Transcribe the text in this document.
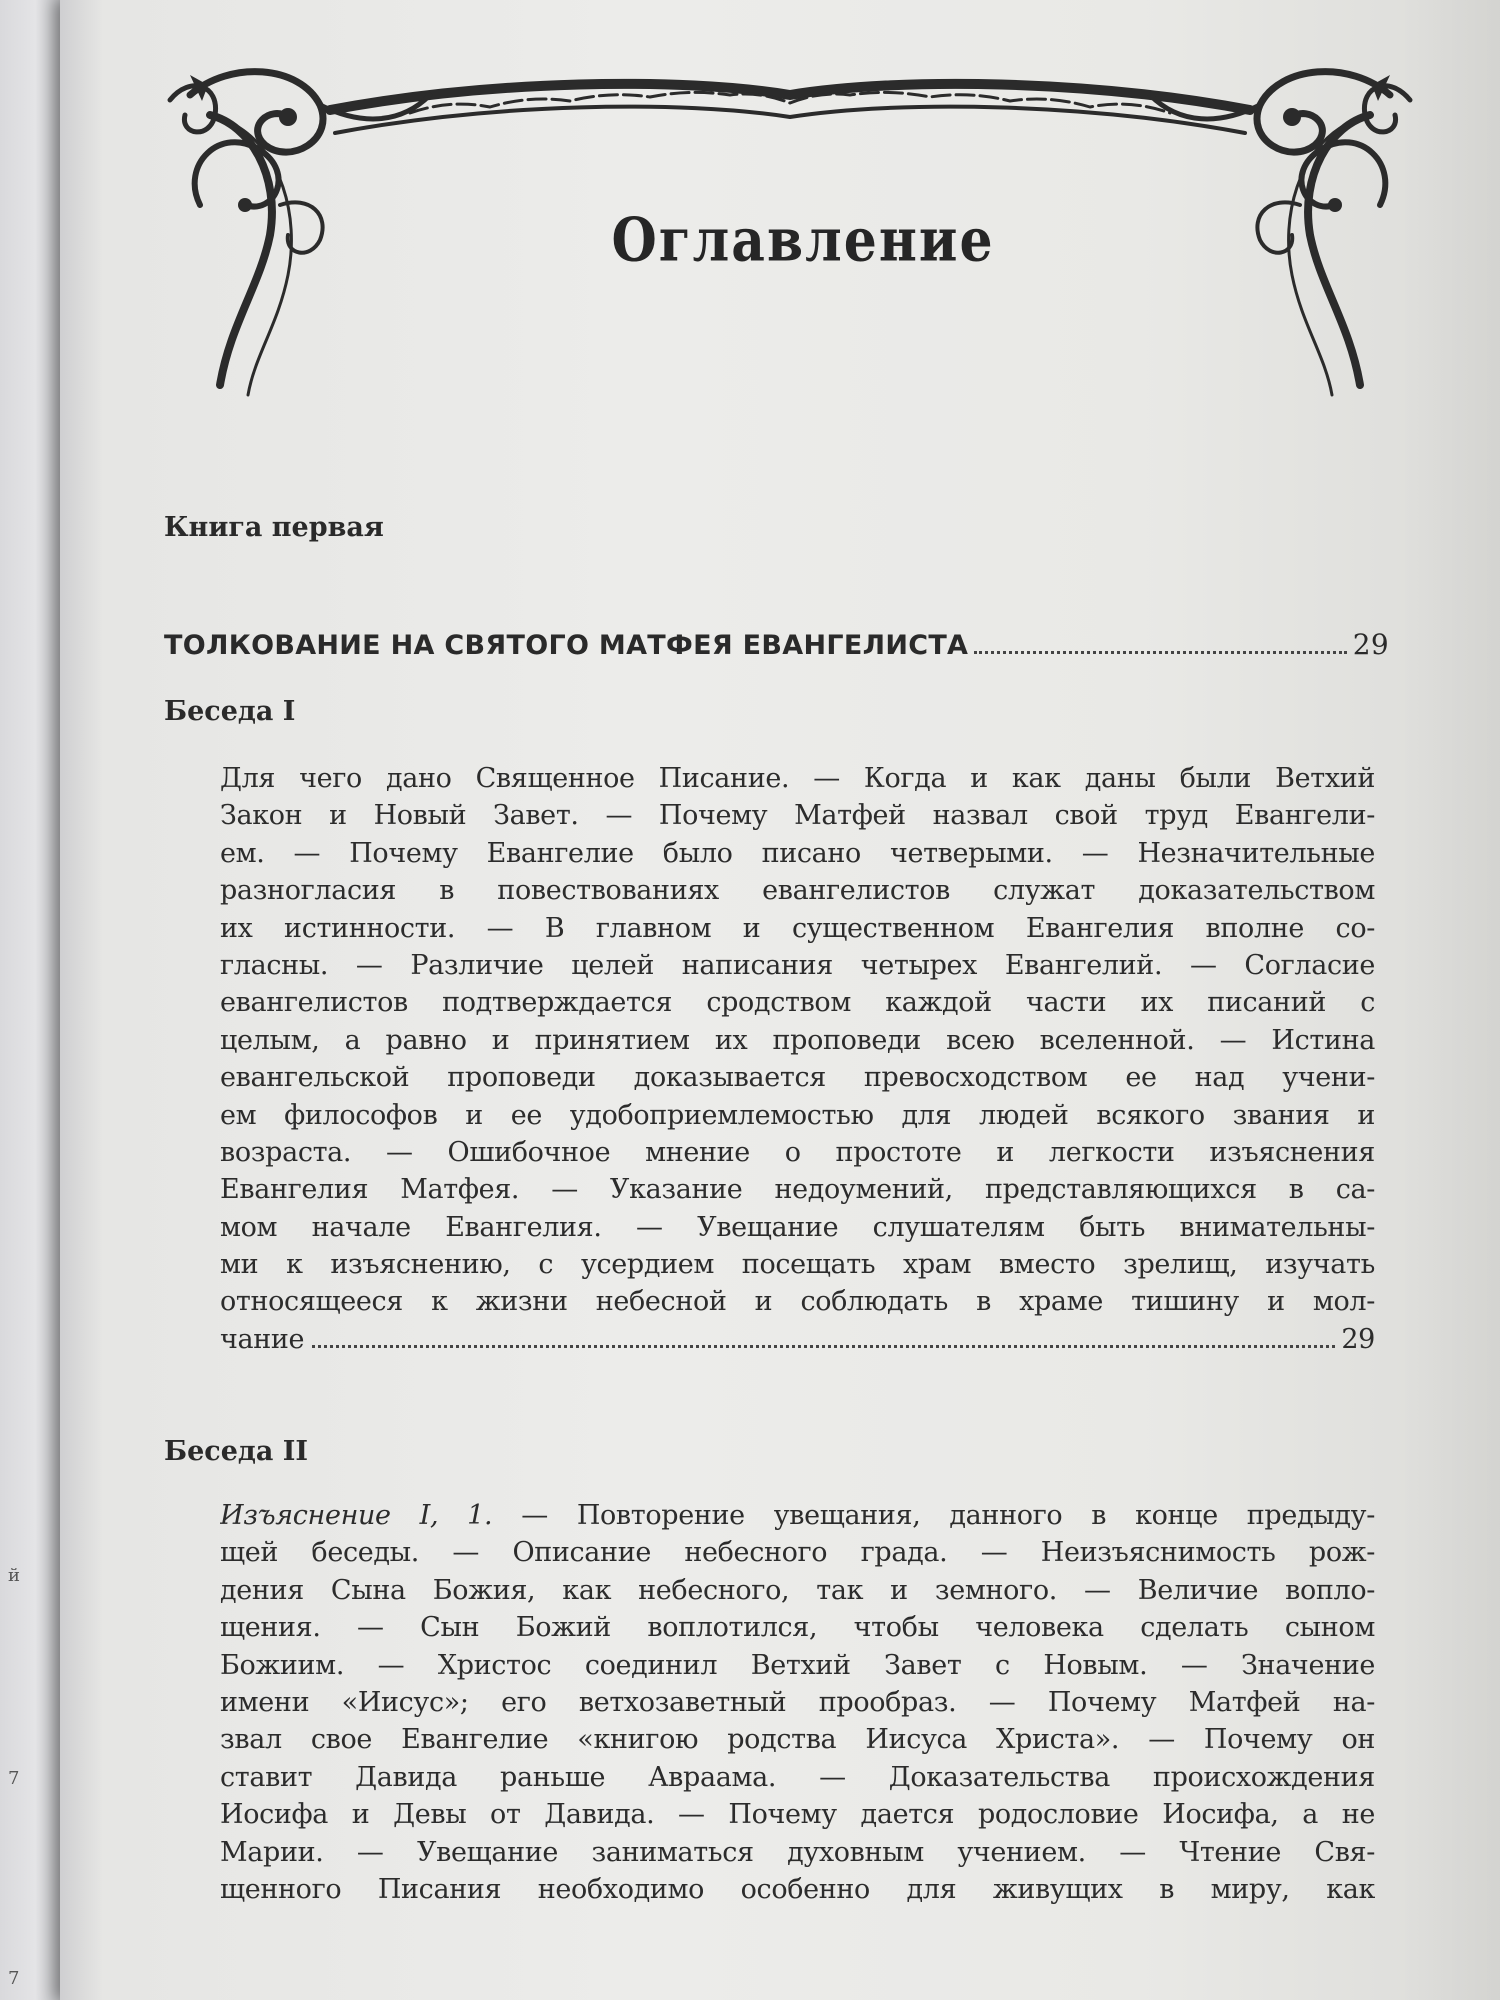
й
7
7
Оглавление
Книга первая
ТОЛКОВАНИЕ НА СВЯТОГО МАТФЕЯ ЕВАНГЕЛИСТА	29
Беседа I
Для чего дано Священное Писание. — Когда и как даны были Ветхий
Закон и Новый Завет. — Почему Матфей назвал свой труд Евангели-
ем. — Почему Евангелие было писано четверыми. — Незначительные
разногласия в повествованиях евангелистов служат доказательством
их истинности. — В главном и существенном Евангелия вполне со-
гласны. — Различие целей написания четырех Евангелий. — Согласие
евангелистов подтверждается сродством каждой части их писаний с
целым, а равно и принятием их проповеди всею вселенной. — Истина
евангельской проповеди доказывается превосходством ее над учени-
ем философов и ее удобоприемлемостью для людей всякого звания и
возраста. — Ошибочное мнение о простоте и легкости изъяснения
Евангелия Матфея. — Указание недоумений, представляющихся в са-
мом начале Евангелия. — Увещание слушателям быть внимательны-
ми к изъяснению, с усердием посещать храм вместо зрелищ, изучать
относящееся к жизни небесной и соблюдать в храме тишину и мол-
чание	29
Беседа II
Изъяснение I, 1. — Повторение увещания, данного в конце предыду-
щей беседы. — Описание небесного града. — Неизъяснимость рож-
дения Сына Божия, как небесного, так и земного. — Величие вопло-
щения. — Сын Божий воплотился, чтобы человека сделать сыном
Божиим. — Христос соединил Ветхий Завет с Новым. — Значение
имени «Иисус»; его ветхозаветный прообраз. — Почему Матфей на-
звал свое Евангелие «книгою родства Иисуса Христа». — Почему он
ставит Давида раньше Авраама. — Доказательства происхождения
Иосифа и Девы от Давида. — Почему дается родословие Иосифа, а не
Марии. — Увещание заниматься духовным учением. — Чтение Свя-
щенного Писания необходимо особенно для живущих в миру, как
